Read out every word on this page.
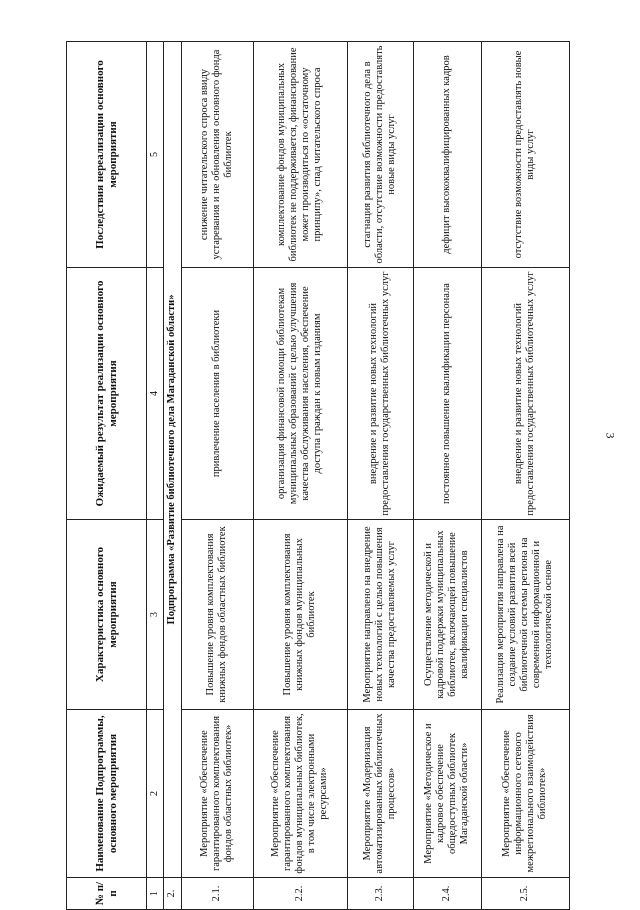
3
№ п/п	Наименование Подпрограммы, основного мероприятия	Характеристика основного мероприятия	Ожидаемый результат реализации основного мероприятия	Последствия нереализации основного мероприятия
1	2	3	4	5
2.	Подпрограмма «Развитие библиотечного дела Магаданской области»			
2.1.	Мероприятие «Обеспечение гарантированного комплектования фондов областных библиотек»	Повышение уровня комплектования книжных фондов областных библиотек	привлечение населения в библиотеки	снижение читательского спроса ввиду устаревания и не обновления основного фонда библиотек
2.2.	Мероприятие «Обеспечение гарантированного комплектования фондов муниципальных библиотек, в том числе электронными ресурсами»	Повышение уровня комплектования книжных фондов муниципальных библиотек	организация финансовой помощи библиотекам муниципальных образований с целью улучшения качества обслуживания населения, обеспечение доступа граждан к новым изданиям	комплектование фондов муниципальных библиотек не поддерживается, финансирование может производиться по «остаточному принципу», спад читательского спроса
2.3.	Мероприятие «Модернизация автоматизированных библиотечных процессов»	Мероприятие направлено на внедрение новых технологий с целью повышения качества предоставляемых услуг	внедрение и развитие новых технологий предоставления государственных библиотечных услуг	стагнация развития библиотечного дела в области, отсутствие возможности предоставлять новые виды услуг
2.4.	Мероприятие «Методическое и кадровое обеспечение общедоступных библиотек Магаданской области»	Осуществление методической и кадровой поддержки муниципальных библиотек, включающей повышение квалификации специалистов	постоянное повышение квалификации персонала	дефицит высококвалифицированных кадров
2.5.	Мероприятие «Обеспечение информационного сетевого межрегионального взаимодействия библиотек»	Реализация мероприятия направлена на создание условий развития всей библиотечной системы региона на современной информационной и технологической основе	внедрение и развитие новых технологий предоставления государственных библиотечных услуг	отсутствие возможности предоставлять новые виды услуг
